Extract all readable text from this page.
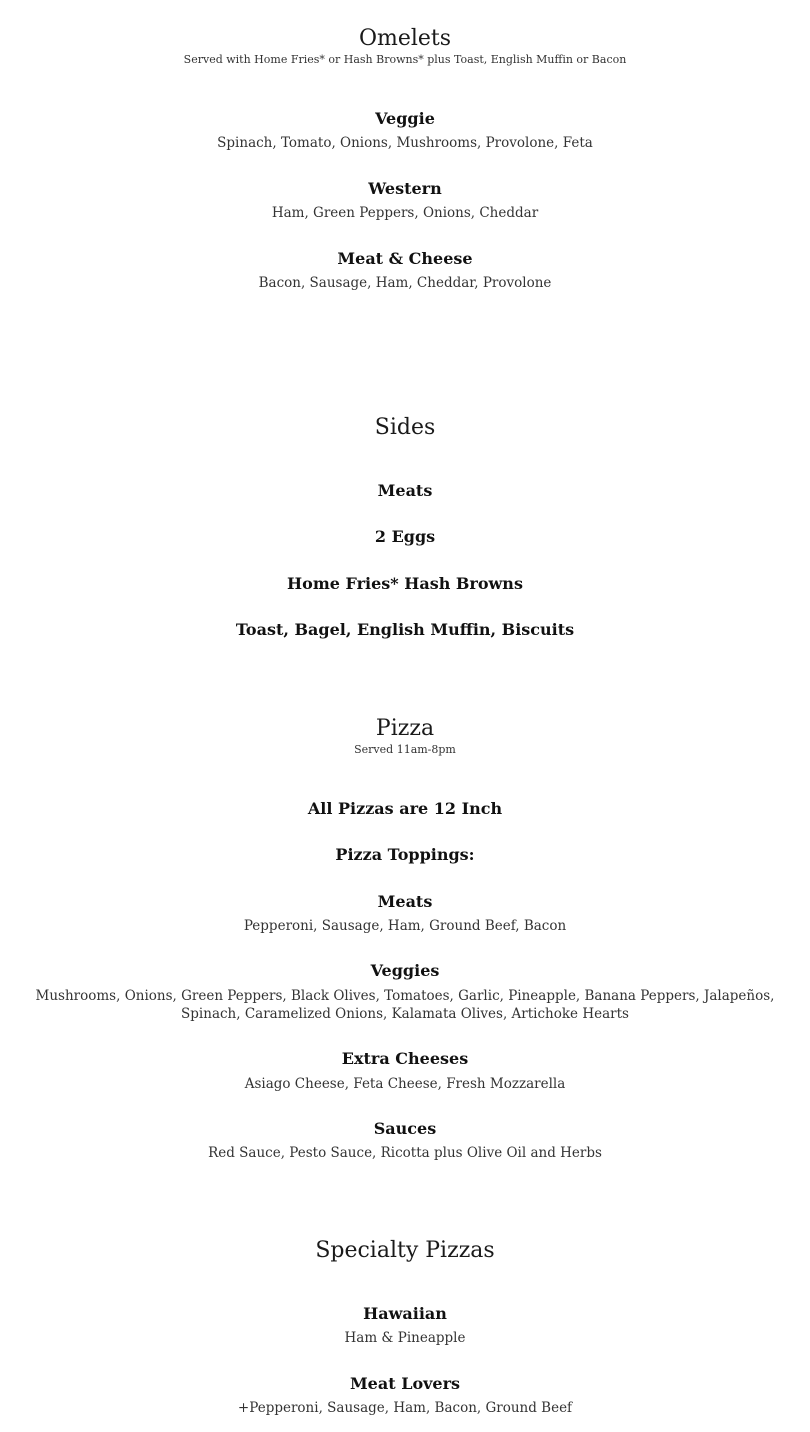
Omelets
Served with Home Fries* or Hash Browns* plus Toast, English Muffin or Bacon
Veggie
Spinach, Tomato, Onions, Mushrooms, Provolone, Feta
Western
Ham, Green Peppers, Onions, Cheddar
Meat & Cheese
Bacon, Sausage, Ham, Cheddar, Provolone
Sides
Meats
2 Eggs
Home Fries* Hash Browns
Toast, Bagel, English Muffin, Biscuits
Pizza
Served 11am-8pm
All Pizzas are 12 Inch
Pizza Toppings:
Meats
Pepperoni, Sausage, Ham, Ground Beef, Bacon
Veggies
Mushrooms, Onions, Green Peppers, Black Olives, Tomatoes, Garlic, Pineapple, Banana Peppers, Jalapeños, Spinach, Caramelized Onions, Kalamata Olives, Artichoke Hearts
Extra Cheeses
Asiago Cheese, Feta Cheese, Fresh Mozzarella
Sauces
Red Sauce, Pesto Sauce, Ricotta plus Olive Oil and Herbs
Specialty Pizzas
Hawaiian
Ham & Pineapple
Meat Lovers
+Pepperoni, Sausage, Ham, Bacon, Ground Beef
